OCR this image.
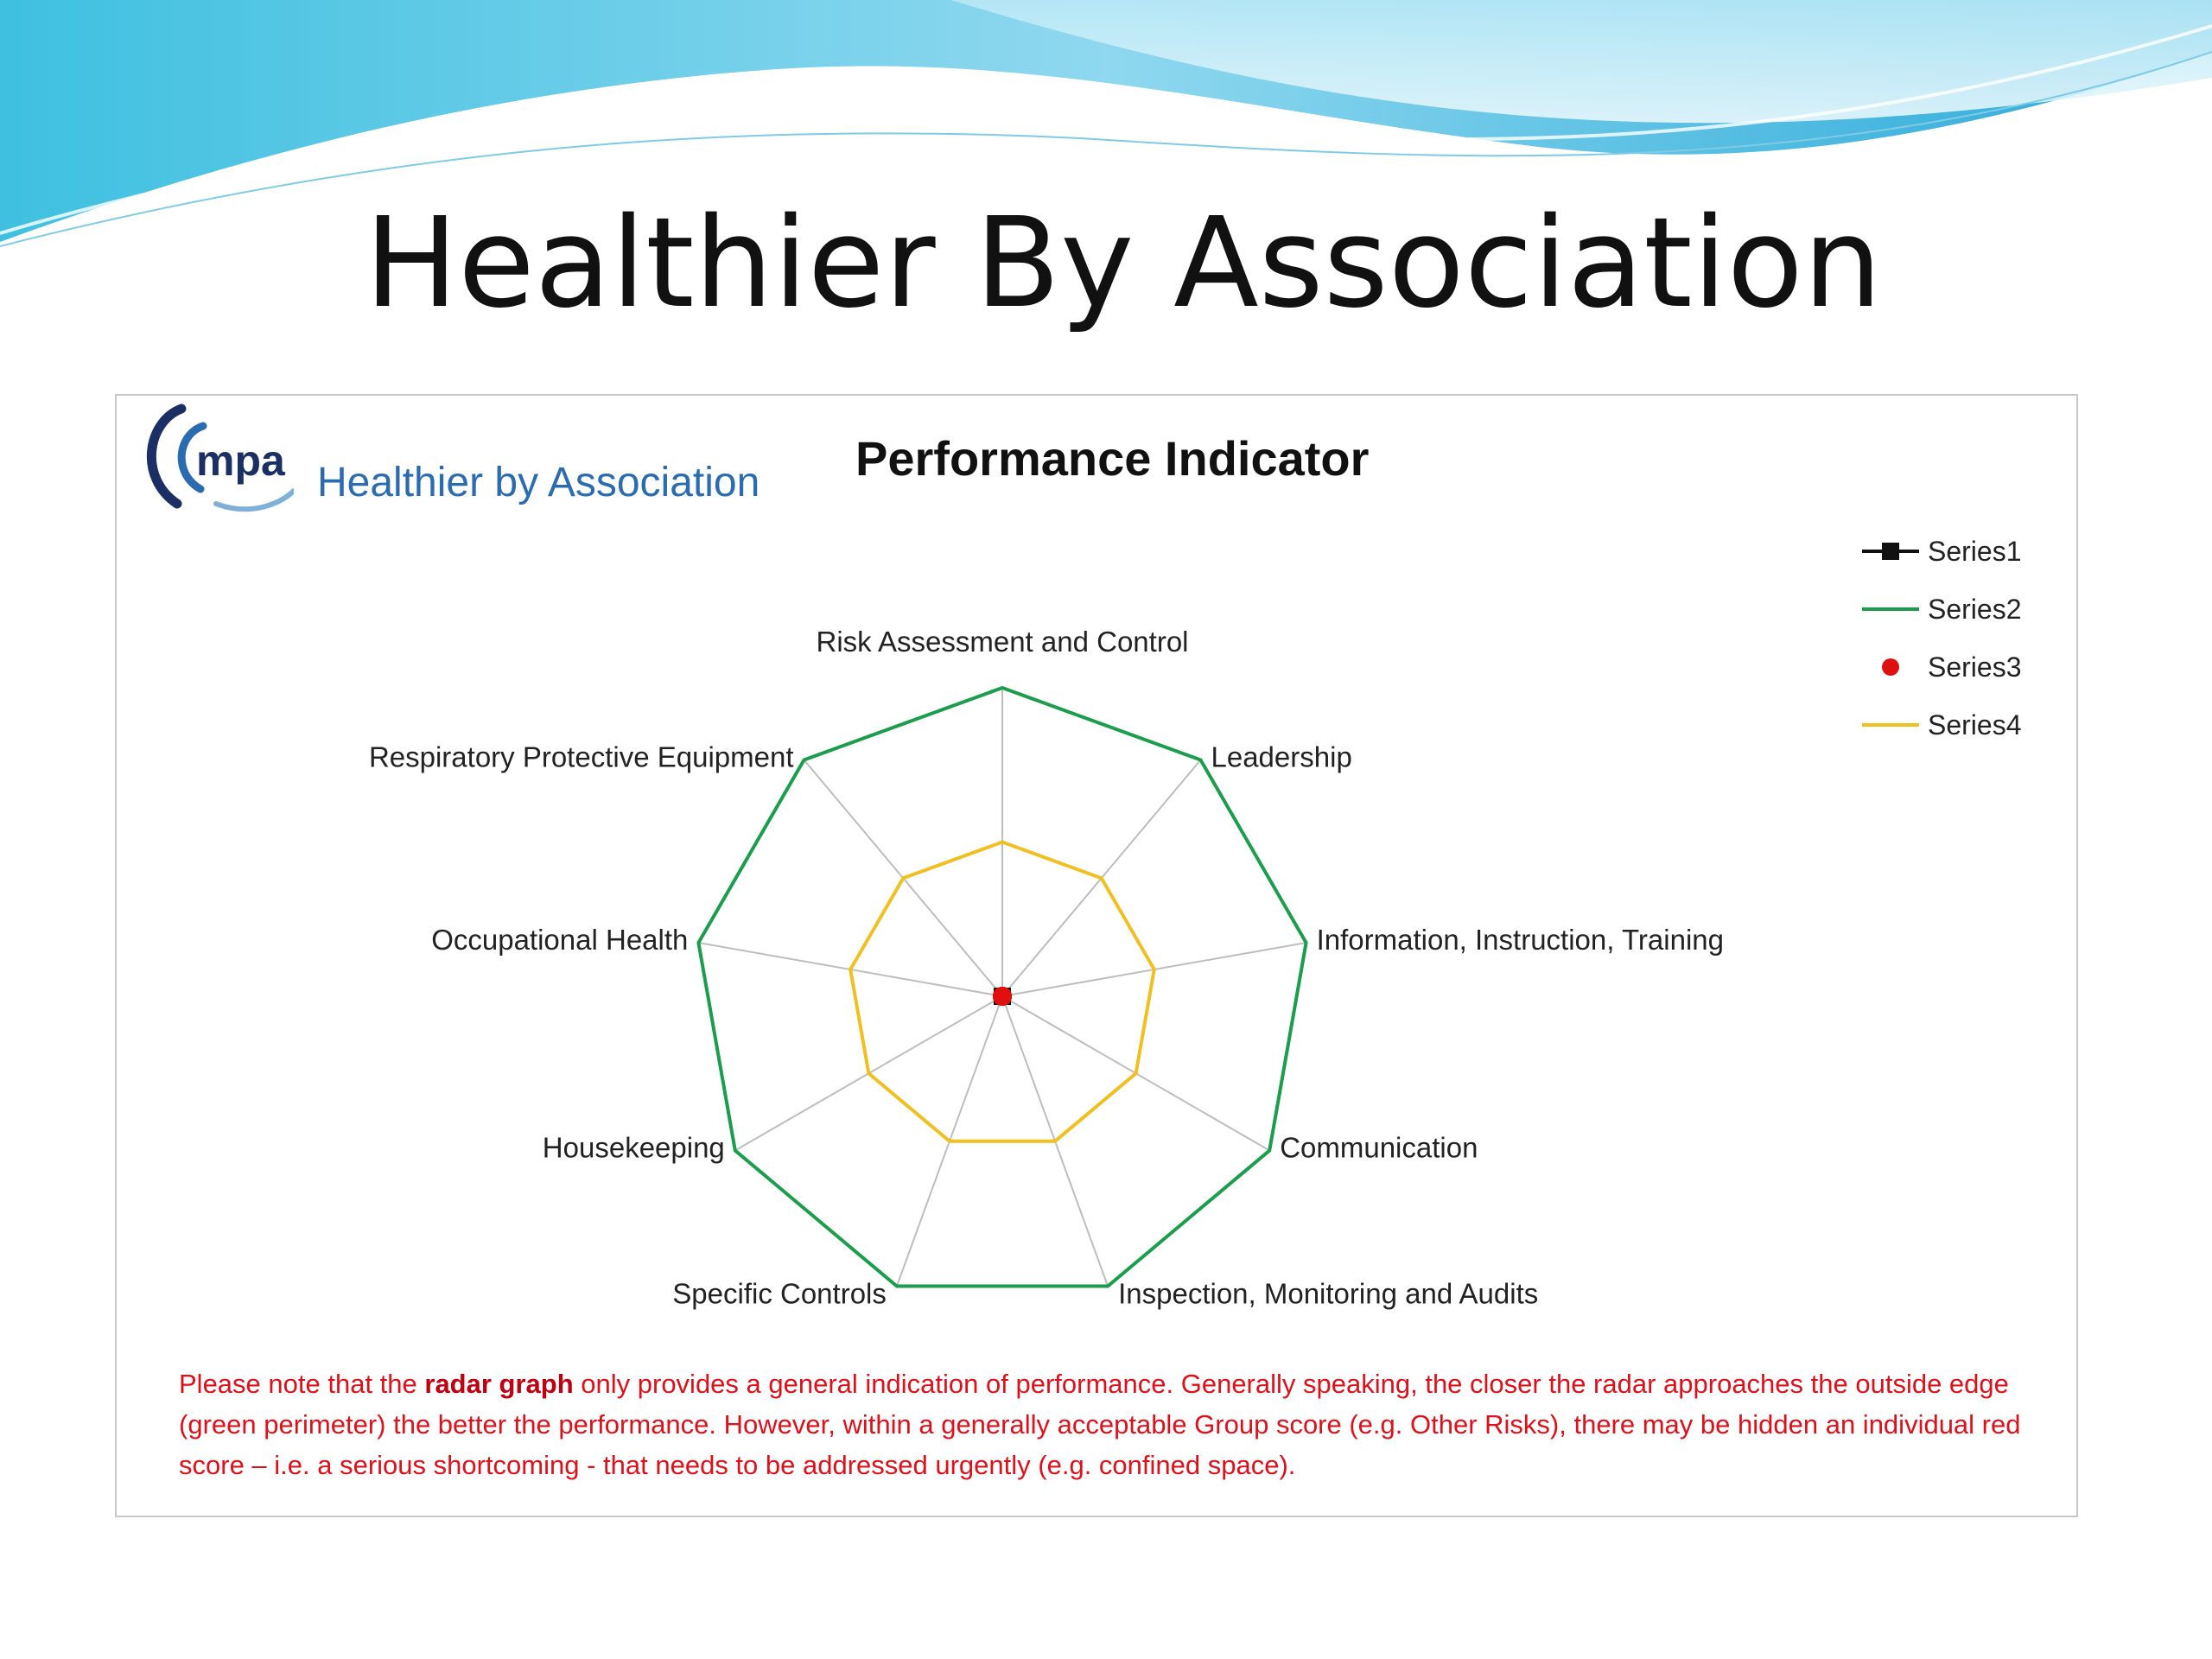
Healthier By Association
mpa Healthier by Association Performance Indicator
Risk Assessment and Control
Leadership
Information, Instruction, Training
Communication
Inspection, Monitoring and Audits
Specific Controls
Housekeeping
Occupational Health
Respiratory Protective Equipment
Series1
Series2
Series3
Series4
Please note that the radar graph only provides a general indication of performance. Generally speaking, the closer the radar approaches the outside edge (green perimeter) the better the performance. However, within a generally acceptable Group score (e.g. Other Risks), there may be hidden an individual red score – i.e. a serious shortcoming - that needs to be addressed urgently (e.g. confined space).
